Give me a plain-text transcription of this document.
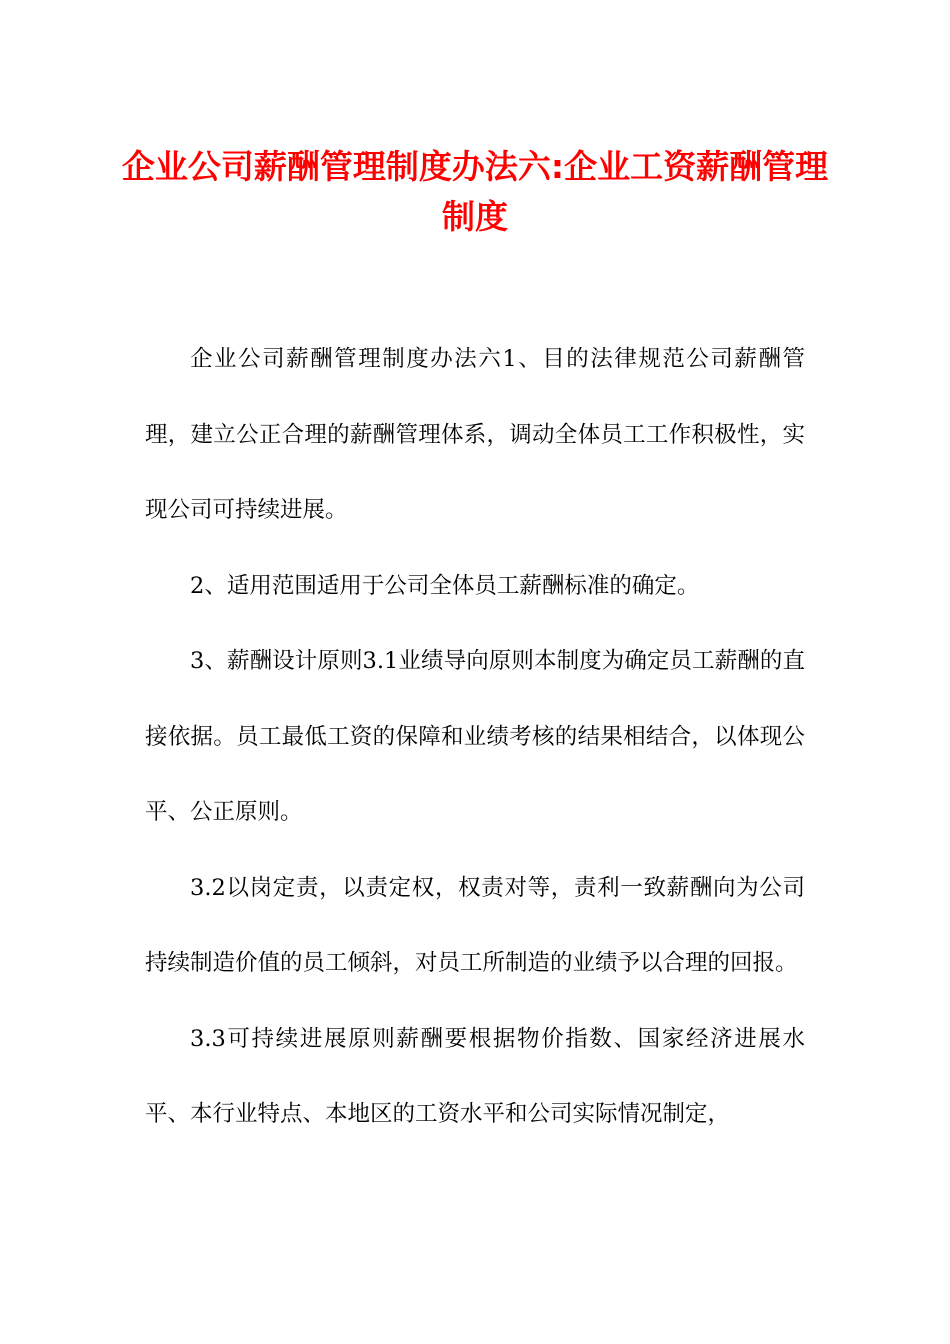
企业公司薪酬管理制度办法六:企业工资薪酬管理制度

企业公司薪酬管理制度办法六1、目的法律规范公司薪酬管理，建立公正合理的薪酬管理体系，调动全体员工工作积极性，实现公司可持续进展。

2、适用范围适用于公司全体员工薪酬标准的确定。

3、薪酬设计原则3.1业绩导向原则本制度为确定员工薪酬的直接依据。员工最低工资的保障和业绩考核的结果相结合，以体现公平、公正原则。

3.2以岗定责，以责定权，权责对等，责利一致薪酬向为公司持续制造价值的员工倾斜，对员工所制造的业绩予以合理的回报。

3.3可持续进展原则薪酬要根据物价指数、国家经济进展水平、本行业特点、本地区的工资水平和公司实际情况制定，
